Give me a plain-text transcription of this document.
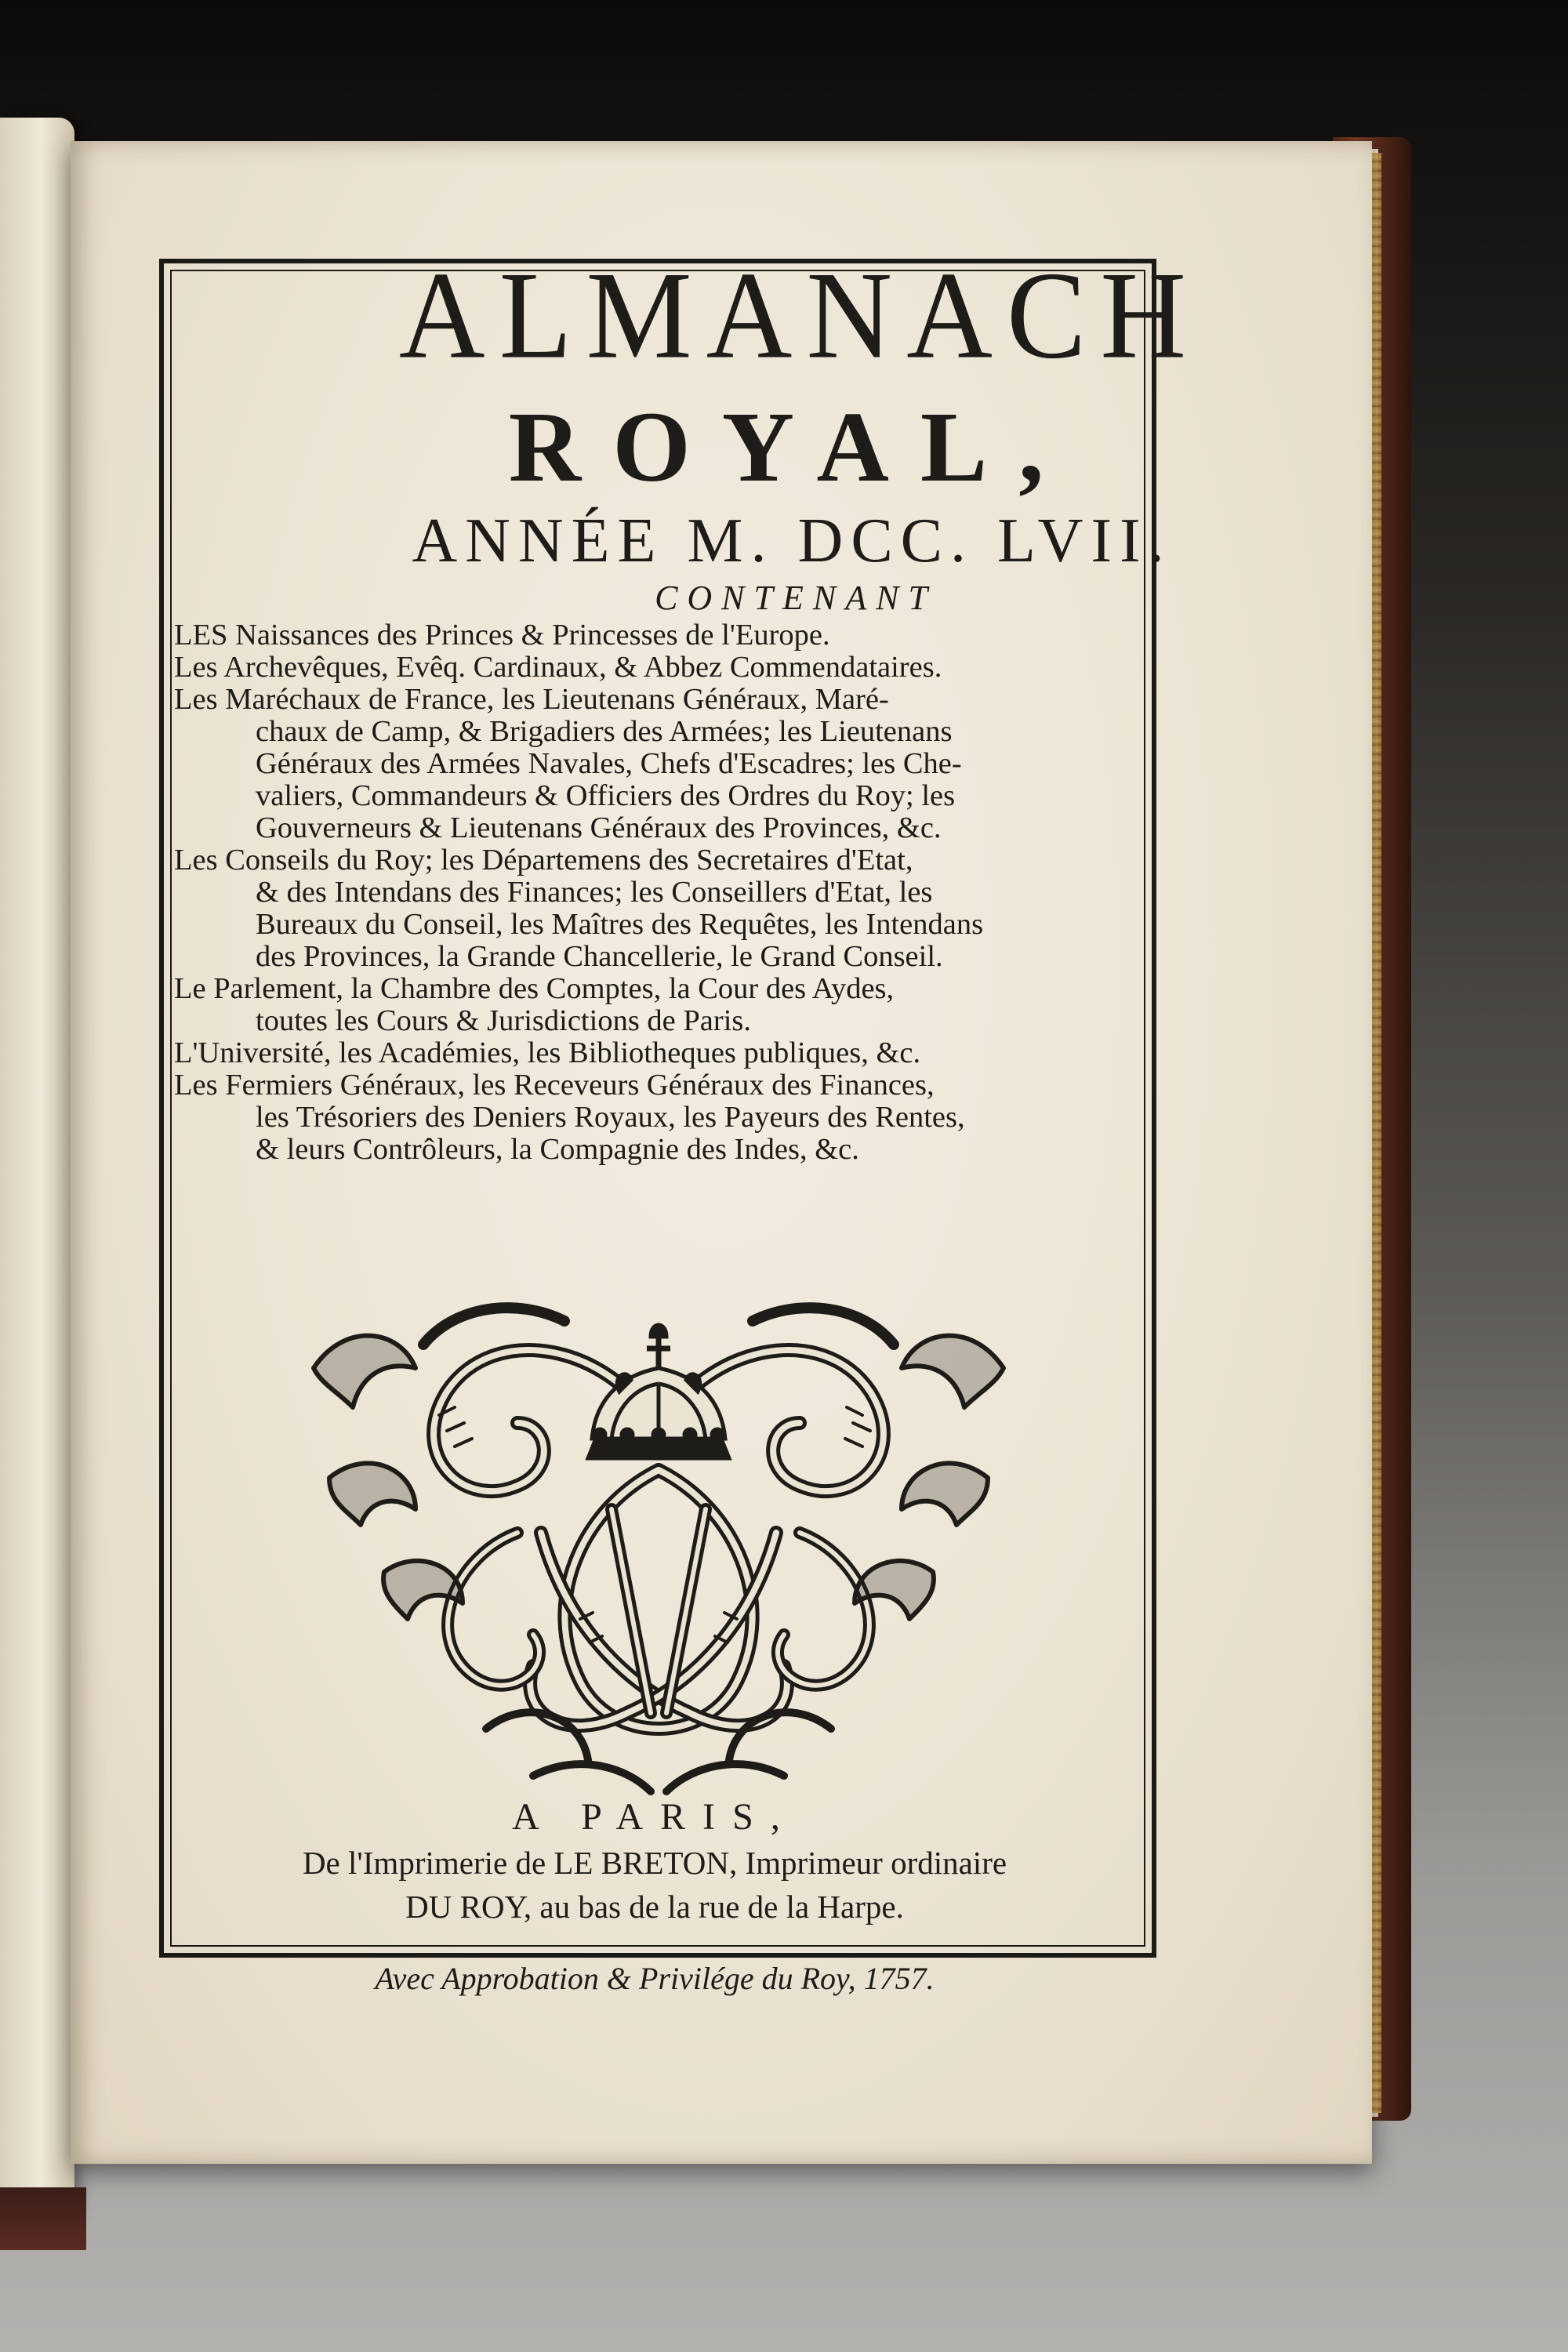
ALMANACH
ROYAL,
ANNÉE M. DCC. LVII.
CONTENANT
LES Naissances des Princes & Princesses de l'Europe.
Les Archevêques, Evêq. Cardinaux, & Abbez Commendataires.
Les Maréchaux de France, les Lieutenans Généraux, Maré-
chaux de Camp, & Brigadiers des Armées; les Lieutenans
Généraux des Armées Navales, Chefs d'Escadres; les Che-
valiers, Commandeurs & Officiers des Ordres du Roy; les
Gouverneurs & Lieutenans Généraux des Provinces, &c.
Les Conseils du Roy; les Départemens des Secretaires d'Etat,
& des Intendans des Finances; les Conseillers d'Etat, les
Bureaux du Conseil, les Maîtres des Requêtes, les Intendans
des Provinces, la Grande Chancellerie, le Grand Conseil.
Le Parlement, la Chambre des Comptes, la Cour des Aydes,
toutes les Cours & Jurisdictions de Paris.
L'Université, les Académies, les Bibliotheques publiques, &c.
Les Fermiers Généraux, les Receveurs Généraux des Finances,
les Trésoriers des Deniers Royaux, les Payeurs des Rentes,
& leurs Contrôleurs, la Compagnie des Indes, &c.
A PARIS,
De l'Imprimerie de LE BRETON, Imprimeur ordinaire
DU ROY, au bas de la rue de la Harpe.
Avec Approbation & Privilége du Roy, 1757.
